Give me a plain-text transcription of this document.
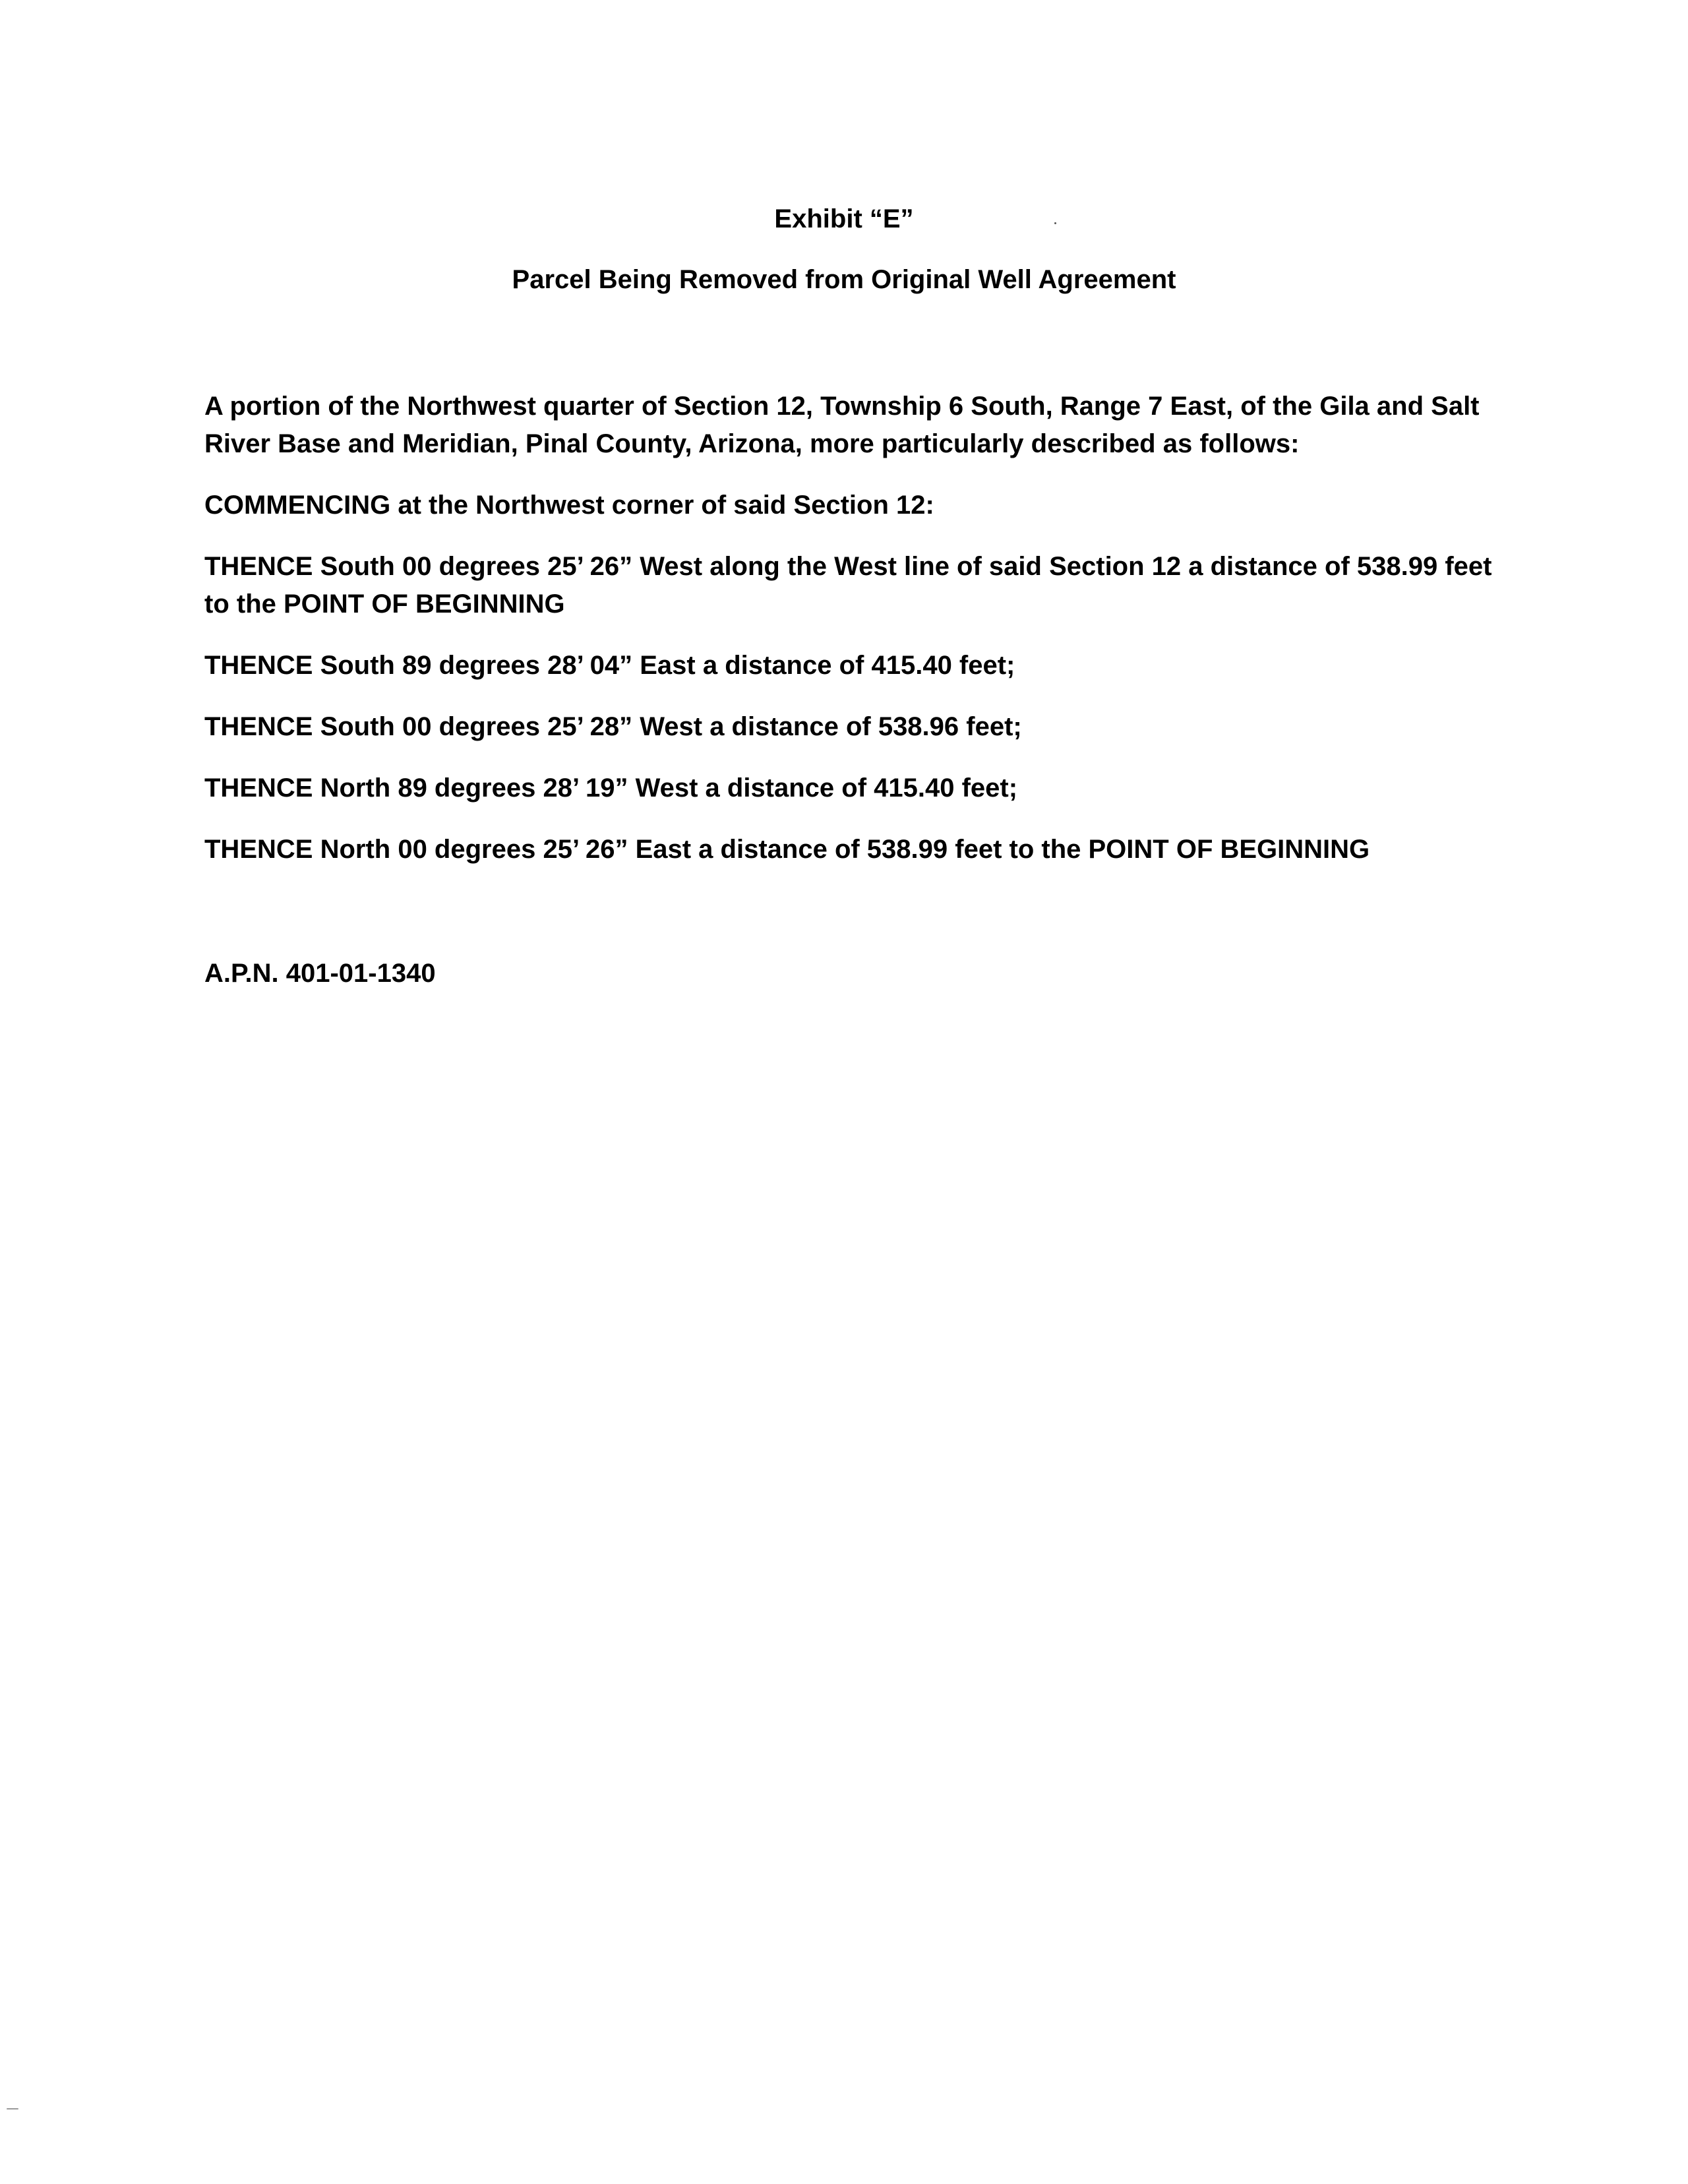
Exhibit “E”
Parcel Being Removed from Original Well Agreement
A portion of the Northwest quarter of Section 12, Township 6 South, Range 7 East, of the Gila and Salt River Base and Meridian, Pinal County, Arizona, more particularly described as follows:
COMMENCING at the Northwest corner of said Section 12:
THENCE South 00 degrees 25’ 26” West along the West line of said Section 12 a distance of 538.99 feet to the POINT OF BEGINNING
THENCE South 89 degrees 28’ 04” East a distance of 415.40 feet;
THENCE South 00 degrees 25’ 28” West a distance of 538.96 feet;
THENCE North 89 degrees 28’ 19” West a distance of 415.40 feet;
THENCE North 00 degrees 25’ 26” East a distance of 538.99 feet to the POINT OF BEGINNING
A.P.N. 401-01-1340
